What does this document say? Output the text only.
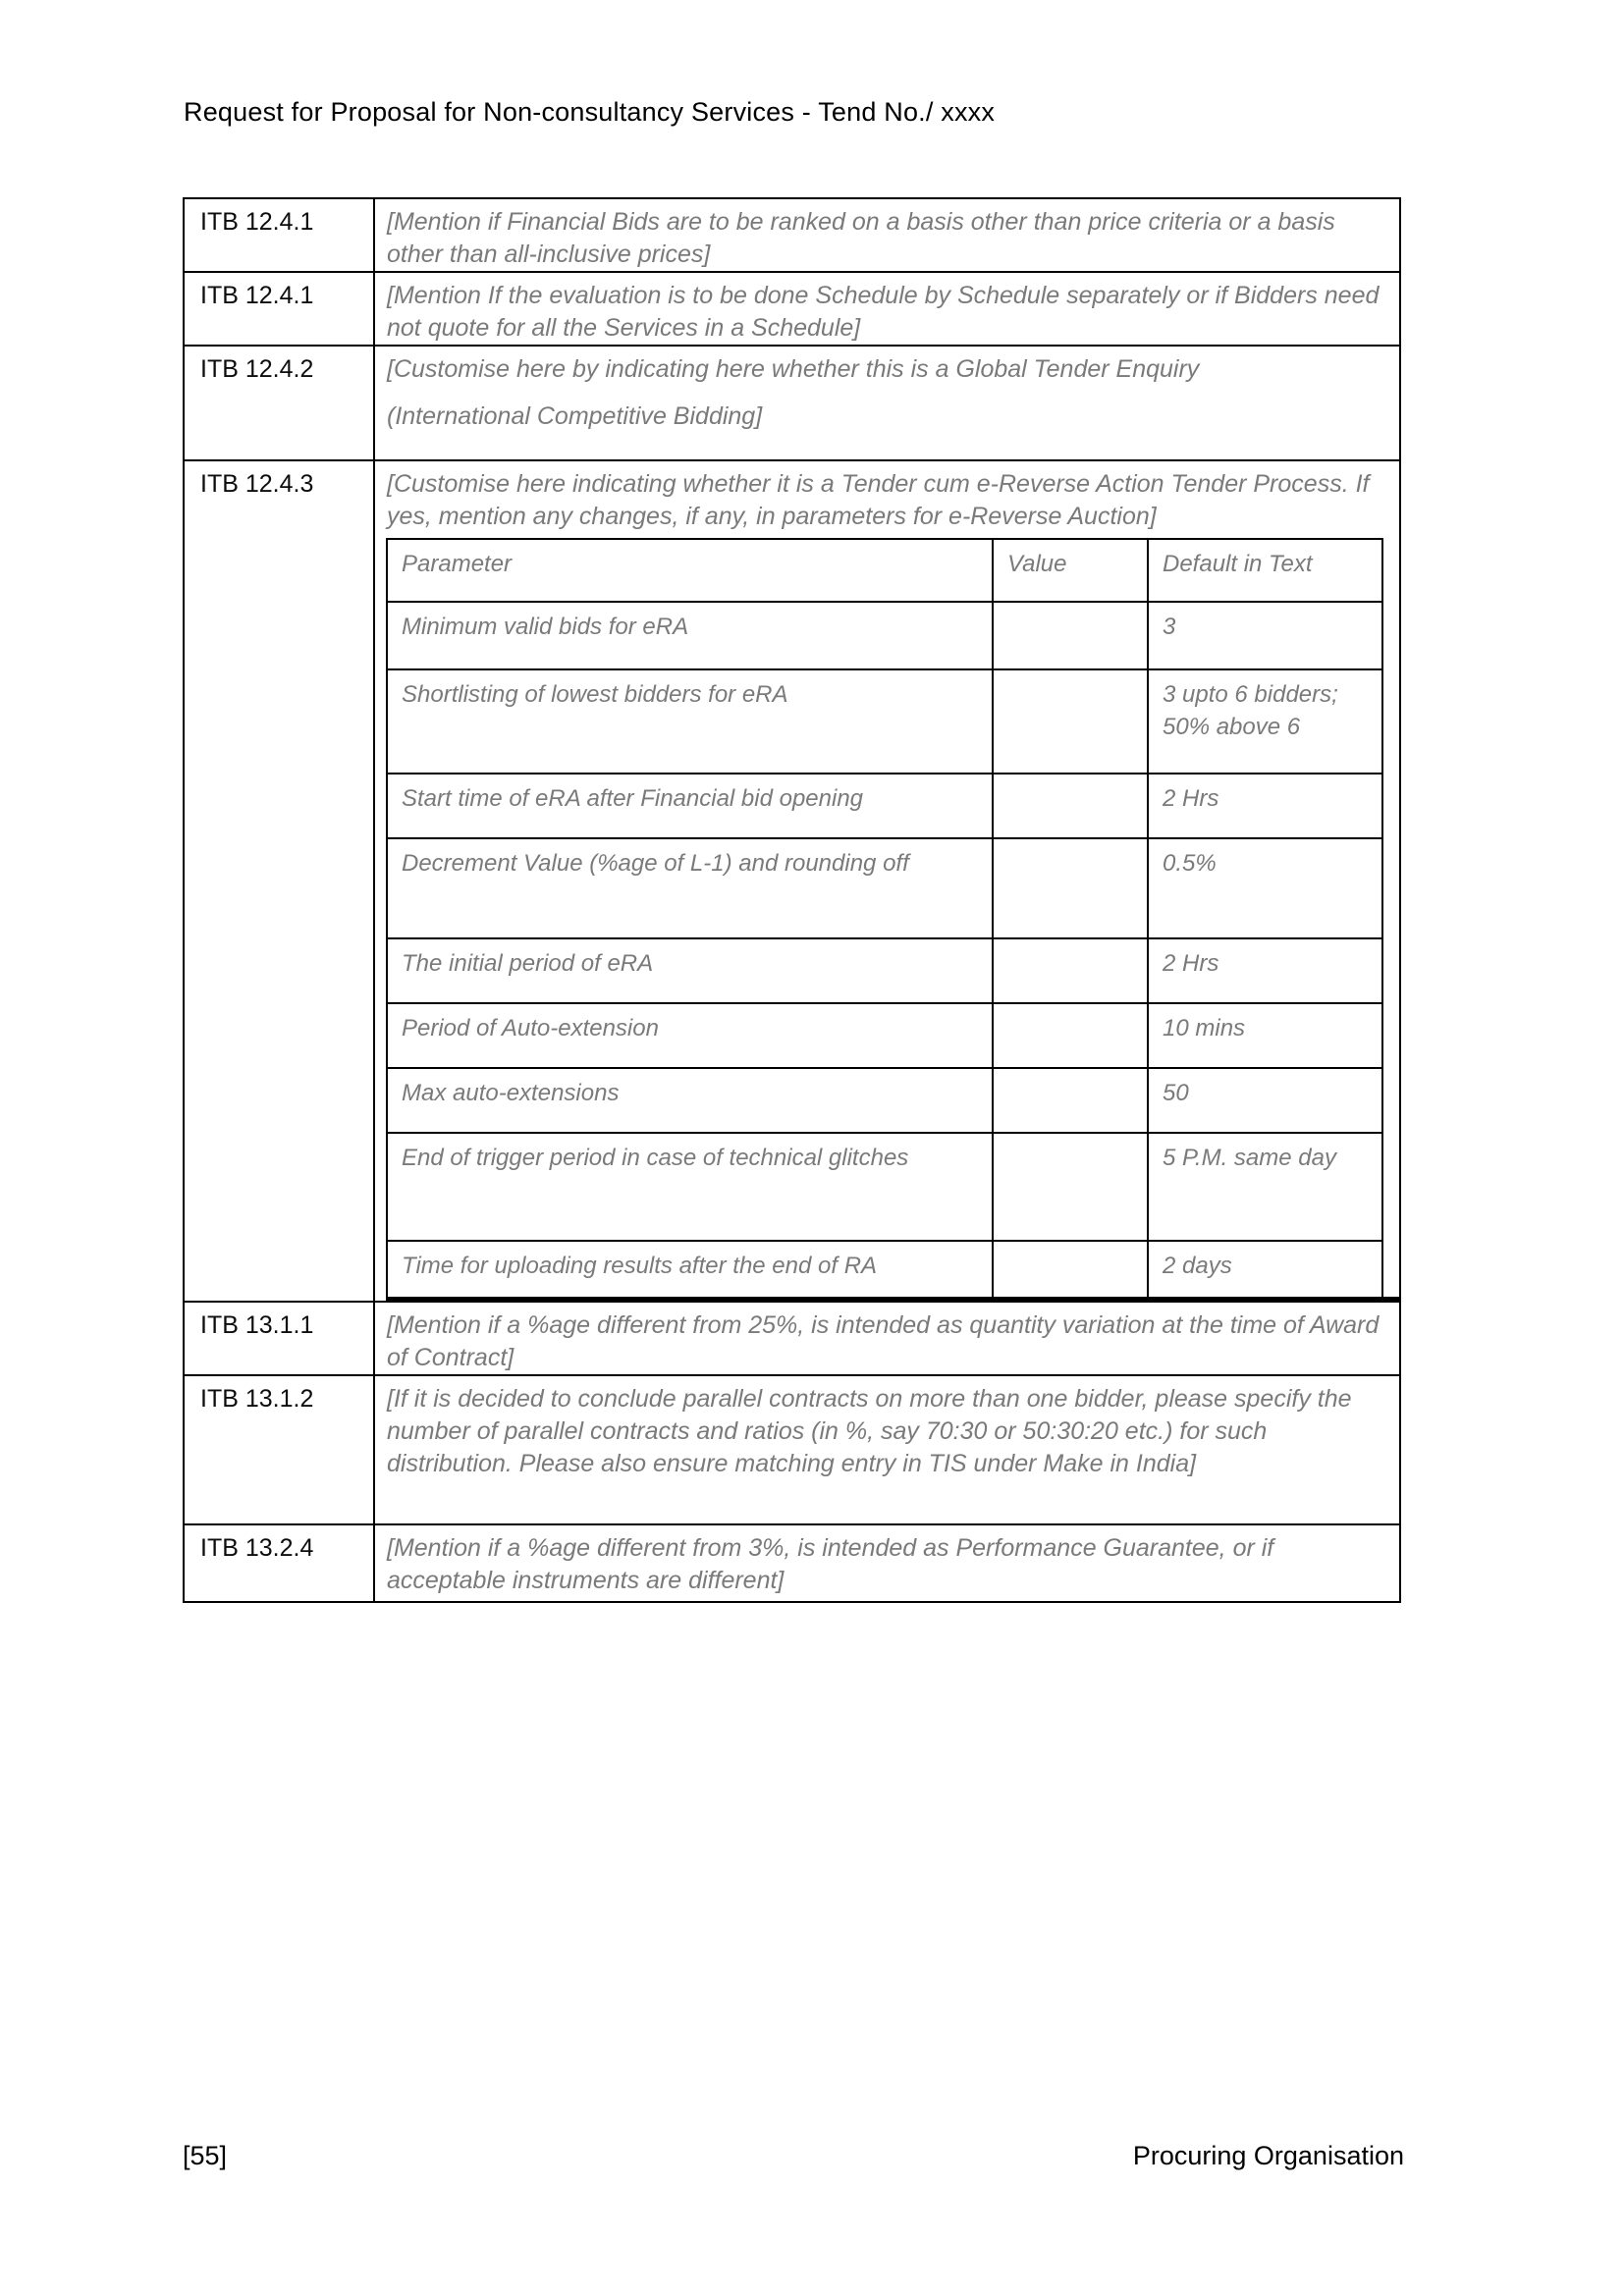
Request for Proposal for Non-consultancy Services - Tend No./ xxxx
ITB 12.4.1	[Mention if Financial Bids are to be ranked on a basis other than price criteria or a basis other than all-inclusive prices]
ITB 12.4.1	[Mention If the evaluation is to be done Schedule by Schedule separately or if Bidders need not quote for all the Services in a Schedule]
ITB 12.4.2	[Customise here by indicating here whether this is a Global Tender Enquiry
(International Competitive Bidding]

ITB 12.4.3	[Customise here indicating whether it is a Tender cum e-Reverse Action Tender Process. If yes, mention any changes, if any, in parameters for e-Reverse Auction]
Parameter	Value	Default in Text
Minimum valid bids for eRA		3
Shortlisting of lowest bidders for eRA		3 upto 6 bidders; 50% above 6
Start time of eRA after Financial bid opening		2 Hrs
Decrement Value (%age of L-1) and rounding off		0.5%
The initial period of eRA		2 Hrs
Period of Auto-extension		10 mins
Max auto-extensions		50
End of trigger period in case of technical glitches		5 P.M. same day
Time for uploading results after the end of RA		2 days

ITB 13.1.1	[Mention if a %age different from 25%, is intended as quantity variation at the time of Award of Contract]
ITB 13.1.2	[If it is decided to conclude parallel contracts on more than one bidder, please specify the number of parallel contracts and ratios (in %, say 70:30 or 50:30:20 etc.) for such distribution. Please also ensure matching entry in TIS under Make in India]
ITB 13.2.4	[Mention if a %age different from 3%, is intended as Performance Guarantee, or if acceptable instruments are different]
[55]	Procuring Organisation
